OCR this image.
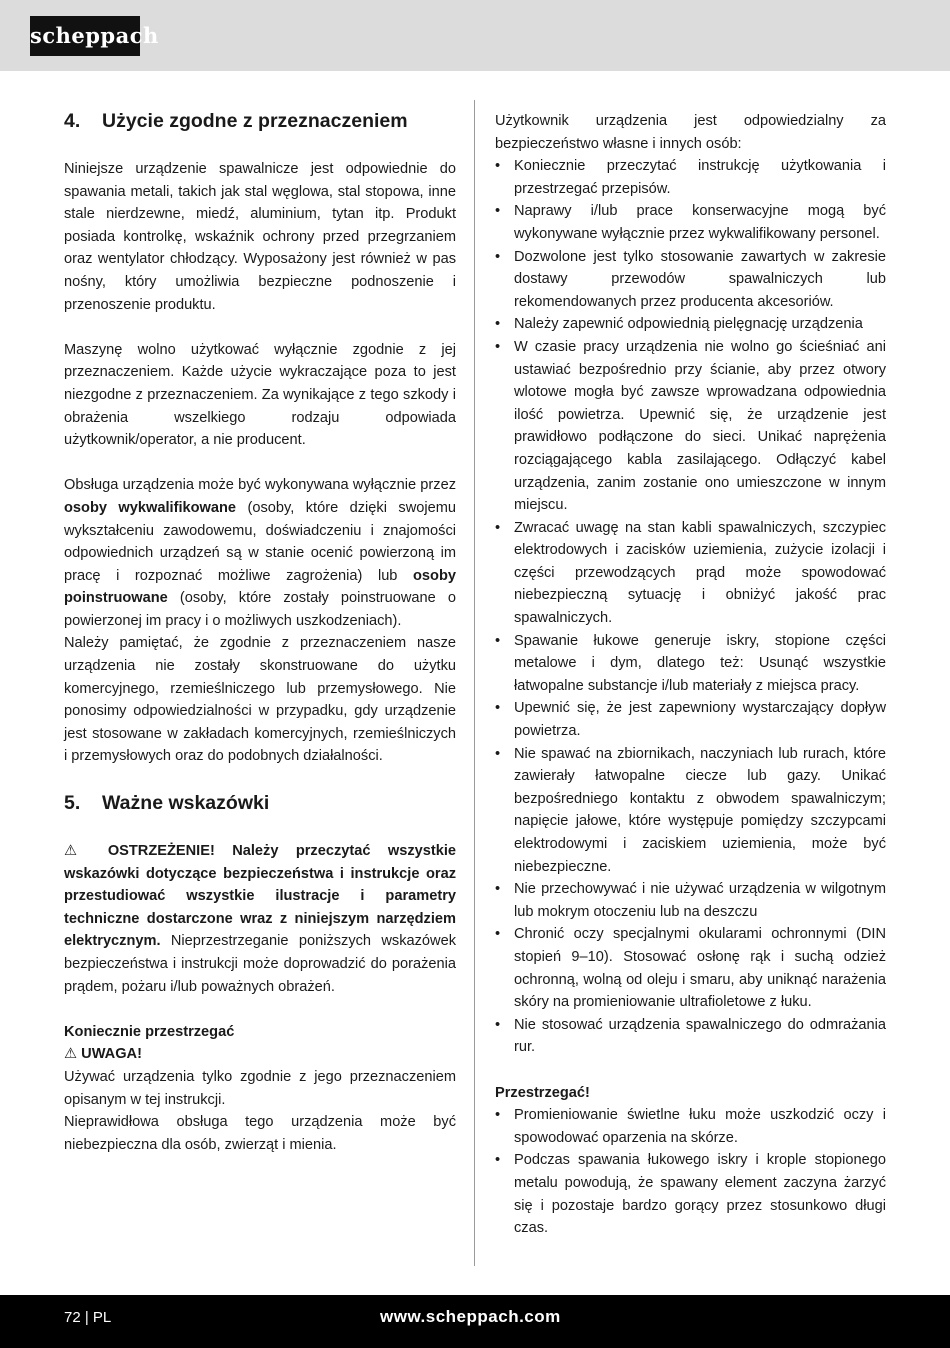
scheppach
4.	Użycie zgodne z przeznaczeniem

Niniejsze urządzenie spawalnicze jest odpowiednie do spawania metali, takich jak stal węglowa, stal stopowa, inne stale nierdzewne, miedź, aluminium, tytan itp. Produkt posiada kontrolkę, wskaźnik ochrony przed przegrzaniem oraz wentylator chłodzący. Wyposażony jest również w pas nośny, który umożliwia bezpieczne podnoszenie i przenoszenie produktu.

Maszynę wolno użytkować wyłącznie zgodnie z jej przeznaczeniem. Każde użycie wykraczające poza to jest niezgodne z przeznaczeniem. Za wynikające z tego szkody i obrażenia wszelkiego rodzaju odpowiada użytkownik/operator, a nie producent.

Obsługa urządzenia może być wykonywana wyłącznie przez osoby wykwalifikowane (osoby, które dzięki swojemu wykształceniu zawodowemu, doświadczeniu i znajomości odpowiednich urządzeń są w stanie ocenić powierzoną im pracę i rozpoznać możliwe zagrożenia) lub osoby poinstruowane (osoby, które zostały poinstruowane o powierzonej im pracy i o możliwych uszkodzeniach).

Należy pamiętać, że zgodnie z przeznaczeniem nasze urządzenia nie zostały skonstruowane do użytku komercyjnego, rzemieślniczego lub przemysłowego. Nie ponosimy odpowiedzialności w przypadku, gdy urządzenie jest stosowane w zakładach komercyjnych, rzemieślniczych i przemysłowych oraz do podobnych działalności.

5.	Ważne wskazówki

⚠ OSTRZEŻENIE! Należy przeczytać wszystkie wskazówki dotyczące bezpieczeństwa i instrukcje oraz przestudiować wszystkie ilustracje i parametry techniczne dostarczone wraz z niniejszym narzędziem elektrycznym. Nieprzestrzeganie poniższych wskazówek bezpieczeństwa i instrukcji może doprowadzić do porażenia prądem, pożaru i/lub poważnych obrażeń.

Koniecznie przestrzegać

⚠ UWAGA!

Używać urządzenia tylko zgodnie z jego przeznaczeniem opisanym w tej instrukcji.

Nieprawidłowa obsługa tego urządzenia może być niebezpieczna dla osób, zwierząt i mienia.

Użytkownik urządzenia jest odpowiedzialny za bezpieczeństwo własne i innych osób:

• Koniecznie przeczytać instrukcję użytkowania i przestrzegać przepisów.
• Naprawy i/lub prace konserwacyjne mogą być wykonywane wyłącznie przez wykwalifikowany personel.
• Dozwolone jest tylko stosowanie zawartych w zakresie dostawy przewodów spawalniczych lub rekomendowanych przez producenta akcesoriów.
• Należy zapewnić odpowiednią pielęgnację urządzenia
• W czasie pracy urządzenia nie wolno go ścieśniać ani ustawiać bezpośrednio przy ścianie, aby przez otwory wlotowe mogła być zawsze wprowadzana odpowiednia ilość powietrza. Upewnić się, że urządzenie jest prawidłowo podłączone do sieci. Unikać naprężenia rozciągającego kabla zasilającego. Odłączyć kabel urządzenia, zanim zostanie ono umieszczone w innym miejscu.
• Zwracać uwagę na stan kabli spawalniczych, szczypiec elektrodowych i zacisków uziemienia, zużycie izolacji i części przewodzących prąd może spowodować niebezpieczną sytuację i obniżyć jakość prac spawalniczych.
• Spawanie łukowe generuje iskry, stopione części metalowe i dym, dlatego też: Usunąć wszystkie łatwopalne substancje i/lub materiały z miejsca pracy.
• Upewnić się, że jest zapewniony wystarczający dopływ powietrza.
• Nie spawać na zbiornikach, naczyniach lub rurach, które zawierały łatwopalne ciecze lub gazy. Unikać bezpośredniego kontaktu z obwodem spawalniczym; napięcie jałowe, które występuje pomiędzy szczypcami elektrodowymi i zaciskiem uziemienia, może być niebezpieczne.
• Nie przechowywać i nie używać urządzenia w wilgotnym lub mokrym otoczeniu lub na deszczu
• Chronić oczy specjalnymi okularami ochronnymi (DIN stopień 9–10). Stosować osłonę rąk i suchą odzież ochronną, wolną od oleju i smaru, aby uniknąć narażenia skóry na promieniowanie ultrafioletowe z łuku.
• Nie stosować urządzenia spawalniczego do odmrażania rur.

Przestrzegać!

• Promieniowanie świetlne łuku może uszkodzić oczy i spowodować oparzenia na skórze.
• Podczas spawania łukowego iskry i krople stopionego metalu powodują, że spawany element zaczyna żarzyć się i pozostaje bardzo gorący przez stosunkowo długi czas.
72 | PL	www.scheppach.com
